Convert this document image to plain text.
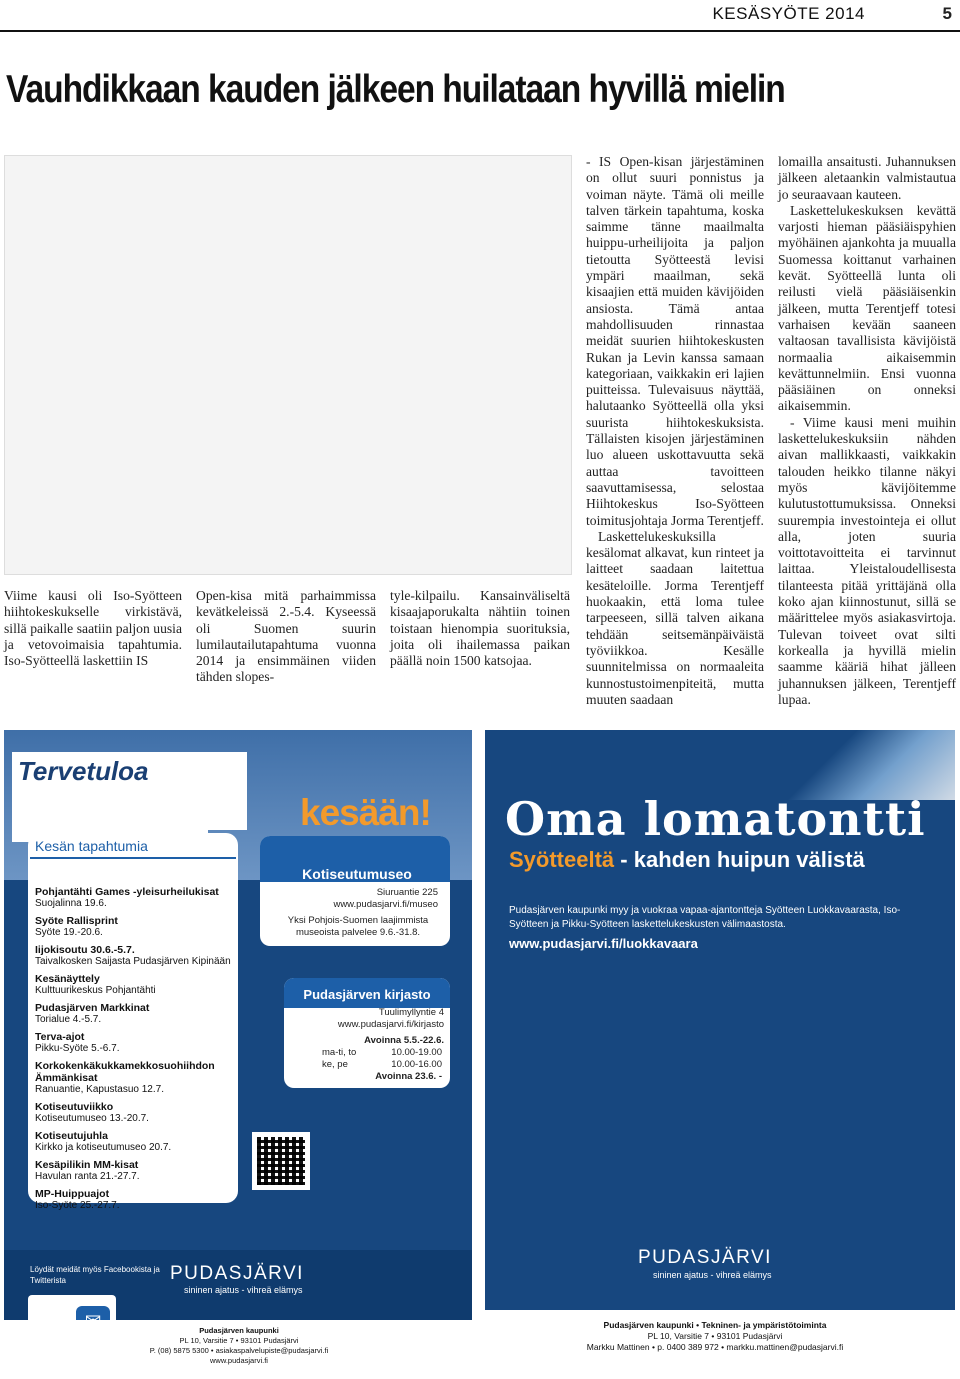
KESÄSYÖTE 2014	5
Vauhdikkaan kauden jälkeen huilataan hyvillä mielin

Viime kausi oli Iso-Syötteen hiihtokeskukselle virkistävä, sillä paikalle saatiin paljon uusia ja vetovoimaisia tapahtumia. Iso-Syötteellä laskettiin IS

Open-kisa mitä parhaimmissa kevätkeleissä 2.-5.4. Kyseessä oli Suomen suurin lumilautailutapahtuma vuonna 2014 ja ensimmäinen viiden tähden slopes-

tyle-kilpailu. Kansainväliseltä kisaajaporukalta nähtiin toinen toistaan hienompia suorituksia, joita oli ihailemassa paikan päällä noin 1500 katsojaa.

- IS Open-kisan järjestäminen on ollut suuri ponnistus ja voiman näyte. Tämä oli meille talven tärkein tapahtuma, koska saimme tänne maailmalta huippu-urheilijoita ja paljon tietoutta Syötteestä levisi ympäri maailman, sekä kisaajien että muiden kävijöiden ansiosta. Tämä antaa mahdollisuuden rinnastaa meidät suurien hiihtokeskusten Rukan ja Levin kanssa samaan kategoriaan, vaikkakin eri lajien puitteissa. Tulevaisuus näyttää, halutaanko Syötteellä olla yksi suurista hiihtokeskuksista. Tällaisten kisojen järjestäminen luo alueen uskottavuutta sekä auttaa tavoitteen saavuttamisessa, selostaa Hiihtokeskus Iso-Syötteen toimitusjohtaja Jorma Terentjeff.

Laskettelukeskuksilla kesälomat alkavat, kun rinteet ja laitteet saadaan laitettua kesäteloille. Jorma Terentjeff huokaakin, että loma tulee tarpeeseen, sillä talven aikana tehdään seitsemänpäiväistä työviikkoa. Kesälle suunnitelmissa on normaaleita kunnostustoimenpiteitä, mutta muuten saadaan

lomailla ansaitusti. Juhannuksen jälkeen aletaankin valmistautua jo seuraavaan kauteen.

Laskettelukeskuksen kevättä varjosti hieman pääsiäispyhien myöhäinen ajankohta ja muualla Suomessa koittanut varhainen kevät. Syötteellä lunta oli reilusti vielä pääsiäisenkin jälkeen, mutta Terentjeff totesi varhaisen kevään saaneen valtaosan tavallisista kävijöistä normaalia aikaisemmin kevättunnelmiin. Ensi vuonna pääsiäinen on onneksi aikaisemmin.

- Viime kausi meni muihin laskettelukeskuksiin nähden aivan mallikkaasti, vaikkakin talouden heikko tilanne näkyi myös kävijöitemme kulutustottumuksissa. Onneksi suurempia investointeja ei ollut alla, joten suuria voittotavoitteita ei tarvinnut laittaa. Yleistaloudellisesta tilanteesta pitää yrittäjänä olla koko ajan kiinnostunut, sillä se määrittelee myös asiakasvirtoja. Tulevan toiveet ovat silti korkealla ja hyvillä mielin saamme kääriä hihat jälleen juhannuksen jälkeen, Terentjeff lupaa.

Tervetuloa
kesään!
Kesän tapahtumia
Pohjantähti Games -yleisurheilukisat
Suojalinna 19.6.
Syöte Rallisprint
Syöte 19.-20.6.
Iijokisoutu 30.6.-5.7.
Taivalkosken Saijasta Pudasjärven Kipinään
Kesänäyttely
Kulttuurikeskus Pohjantähti
Pudasjärven Markkinat
Torialue 4.-5.7.
Terva-ajot
Pikku-Syöte 5.-6.7.
Korkokenkäkukkamekkosuohiihdon Ämmänkisat
Ranuantie, Kapustasuo 12.7.
Kotiseutuviikko
Kotiseutumuseo 13.-20.7.
Kotiseutujuhla
Kirkko ja kotiseutumuseo 20.7.
Kesäpilikin MM-kisat
Havulan ranta 21.-27.7.
MP-Huippuajot
Iso-Syöte 25.-27.7.
Kotiseutumuseo
Siuruantie 225
www.pudasjarvi.fi/museo
Yksi Pohjois-Suomen laajimmista museoista palvelee 9.6.-31.8.
Pudasjärven kirjasto
Tuulimyllyntie 4
www.pudasjarvi.fi/kirjasto
Avoinna 5.5.-22.6.
ma-ti, to	10.00-19.00
ke, pe	10.00-16.00
Avoinna 23.6. -
Löydät meidät myös Facebookista ja Twitterista	PUDASJÄRVI
sininen ajatus - vihreä elämys
Pudasjärven kaupunki
PL 10, Varsitie 7 • 93101 Pudasjärvi
P. (08) 5875 5300 • asiakaspalvelupiste@pudasjarvi.fi
www.pudasjarvi.fi
Oma lomatontti
Syötteeltä - kahden huipun välistä
Pudasjärven kaupunki myy ja vuokraa vapaa-ajantontteja Syötteen Luokkavaarasta, Iso-Syötteen ja Pikku-Syötteen laskettelukeskusten välimaastosta.
www.pudasjarvi.fi/luokkavaara
PUDASJÄRVI
sininen ajatus - vihreä elämys
Pudasjärven kaupunki • Tekninen- ja ympäristötoiminta
PL 10, Varsitie 7 • 93101 Pudasjärvi
Markku Mattinen • p. 0400 389 972 • markku.mattinen@pudasjarvi.fi
